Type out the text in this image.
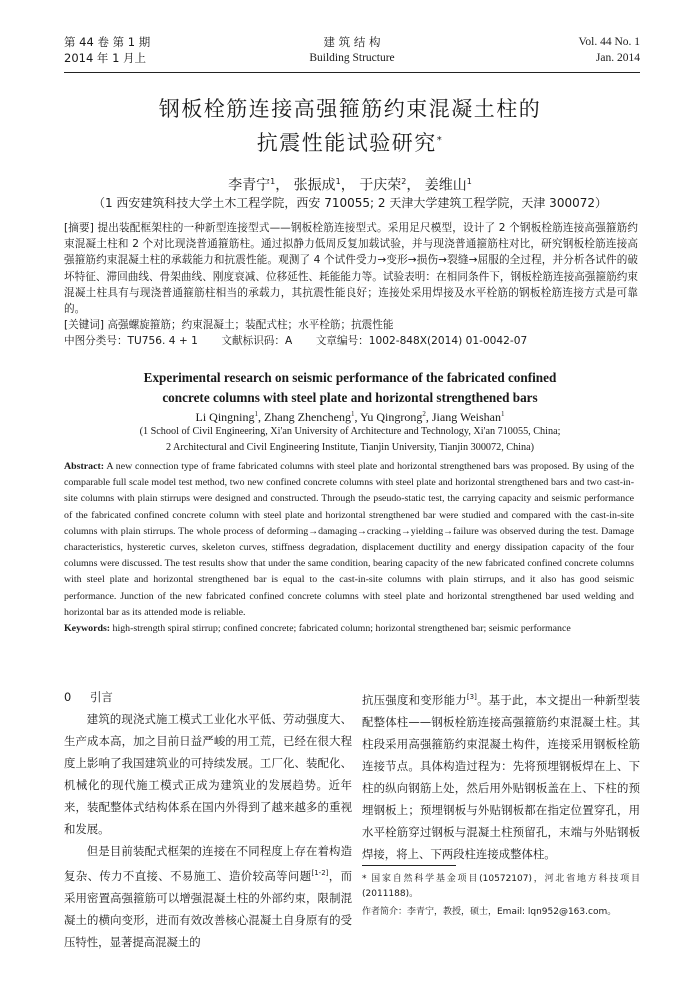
第 44 卷 第 1 期
2014 年 1 月上
建 筑 结 构
Building Structure
Vol. 44 No. 1
Jan. 2014
钢板栓筋连接高强箍筋约束混凝土柱的
抗震性能试验研究*
李青宁$^1$， 张振成$^1$， 于庆荣$^2$， 姜维山$^1$
（1 西安建筑科技大学土木工程学院，西安 710055; 2 天津大学建筑工程学院，天津 300072）

[摘要] 提出装配框架柱的一种新型连接型式——钢板栓筋连接型式。采用足尺模型，设计了 2 个钢板栓筋连接高强箍筋约束混凝土柱和 2 个对比现浇普通箍筋柱。通过拟静力低周反复加载试验，并与现浇普通箍筋柱对比，研究钢板栓筋连接高强箍筋约束混凝土柱的承载能力和抗震性能。观测了 4 个试件受力→变形→损伤→裂缝→屈服的全过程，并分析各试件的破坏特征、滞回曲线、骨架曲线、刚度衰减、位移延性、耗能能力等。试验表明：在相同条件下，钢板栓筋连接高强箍筋约束混凝土柱具有与现浇普通箍筋柱相当的承载力，其抗震性能良好；连接处采用焊接及水平栓筋的钢板栓筋连接方式是可靠的。

[关键词] 高强螺旋箍筋；约束混凝土；装配式柱；水平栓筋；抗震性能

中图分类号：TU756. 4 + 1 文献标识码：A 文章编号：1002-848X(2014) 01-0042-07

Experimental research on seismic performance of the fabricated confined
concrete columns with steel plate and horizontal strengthened bars
Li Qingning$^1$, Zhang Zhencheng$^1$, Yu Qingrong$^2$, Jiang Weishan$^1$
(1 School of Civil Engineering, Xi'an University of Architecture and Technology, Xi'an 710055, China;
2 Architectural and Civil Engineering Institute, Tianjin University, Tianjin 300072, China)

Abstract: A new connection type of frame fabricated columns with steel plate and horizontal strengthened bars was proposed. By using of the comparable full scale model test method, two new confined concrete columns with steel plate and horizontal strengthened bars and two cast-in-site columns with plain stirrups were designed and constructed. Through the pseudo-static test, the carrying capacity and seismic performance of the fabricated confined concrete column with steel plate and horizontal strengthened bar were studied and compared with the cast-in-site columns with plain stirrups. The whole process of deforming→damaging→cracking→yielding→failure was observed during the test. Damage characteristics, hysteretic curves, skeleton curves, stiffness degradation, displacement ductility and energy dissipation capacity of the four columns were discussed. The test results show that under the same condition, bearing capacity of the new fabricated confined concrete columns with steel plate and horizontal strengthened bar is equal to the cast-in-site columns with plain stirrups, and it also has good seismic performance. Junction of the new fabricated confined concrete columns with steel plate and horizontal strengthened bar used welding and horizontal bar as its attended mode is reliable.

Keywords: high-strength spiral stirrup; confined concrete; fabricated column; horizontal strengthened bar; seismic performance

0	引言

建筑的现浇式施工模式工业化水平低、劳动强度大、生产成本高，加之目前日益严峻的用工荒，已经在很大程度上影响了我国建筑业的可持续发展。工厂化、装配化、机械化的现代施工模式正成为建筑业的发展趋势。近年来，装配整体式结构体系在国内外得到了越来越多的重视和发展。

但是目前装配式框架的连接在不同程度上存在着构造复杂、传力不直接、不易施工、造价较高等问题[1-2]，而采用密置高强箍筋可以增强混凝土柱的外部约束，限制混凝土的横向变形，进而有效改善核心混凝土自身原有的受压特性，显著提高混凝土的

抗压强度和变形能力[3]。基于此，本文提出一种新型装配整体柱——钢板栓筋连接高强箍筋约束混凝土柱。其柱段采用高强箍筋约束混凝土构件，连接采用钢板栓筋连接节点。具体构造过程为：先将预埋钢板焊在上、下柱的纵向钢筋上处，然后用外贴钢板盖在上、下柱的预埋钢板上；预埋钢板与外贴钢板都在指定位置穿孔，用水平栓筋穿过钢板与混凝土柱预留孔，末端与外贴钢板焊接，将上、下两段柱连接成整体柱。

* 国家自然科学基金项目(10572107)，河北省地方科技项目(2011188)。
作者简介：李青宁，教授，硕士，Email: lqn952@163.com。
